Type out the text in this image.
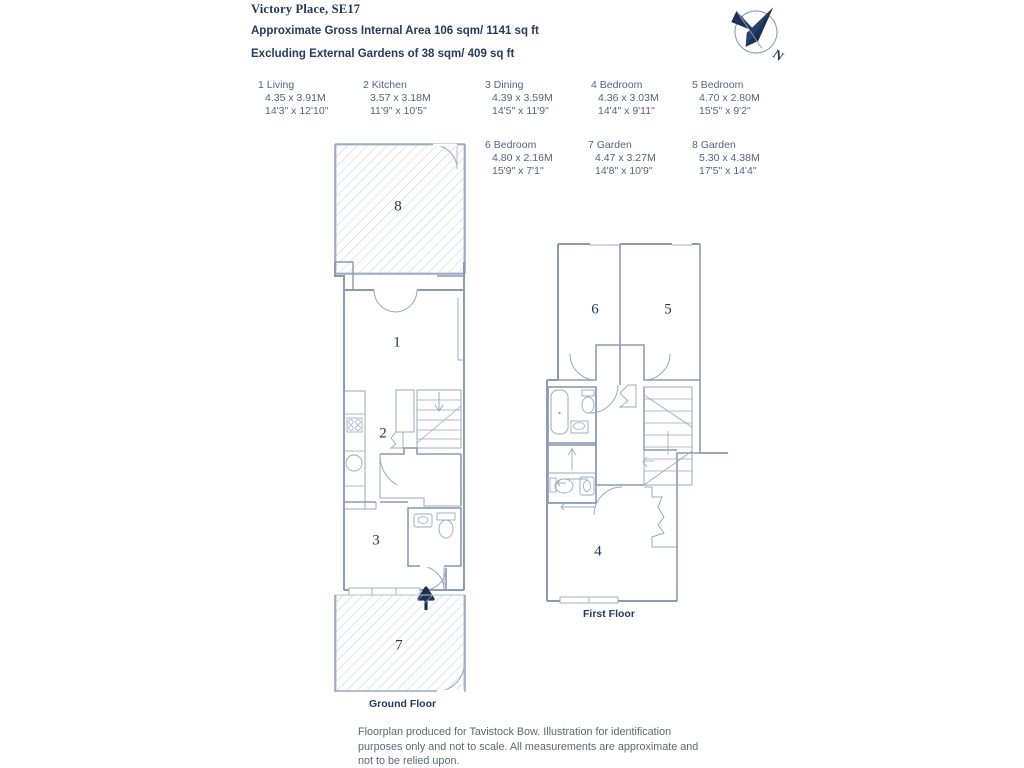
Victory Place, SE17
Approximate Gross Internal Area 106 sqm/ 1141 sq ft
Excluding External Gardens of 38 sqm/ 409 sq ft	N
1 Living
4.35 x 3.91M
14'3" x 12'10"
2 Kitchen
3.57 x 3.18M
11'9" x 10'5"
3 Dining
4.39 x 3.59M
14'5" x 11'9"
4 Bedroom
4.36 x 3.03M
14'4" x 9'11"
5 Bedroom
4.70 x 2.80M
15'5" x 9'2"
6 Bedroom
4.80 x 2.16M
15'9" x 7'1"
7 Garden
4.47 x 3.27M
14'8" x 10'9"
8 Garden
5.30 x 4.38M
17'5" x 14'4"
8
1
2
3
7
6	5
4
Ground Floor
First Floor
Floorplan produced for Tavistock Bow. Illustration for identification purposes only and not to scale. All measurements are approximate and not to be relied upon.
